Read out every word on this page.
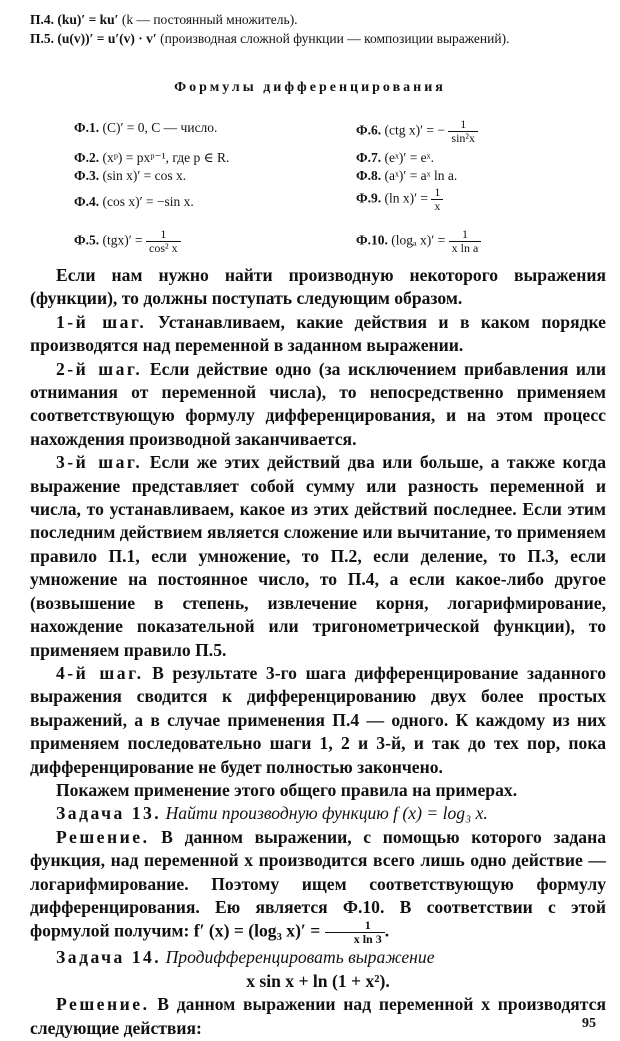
П.4. (ku)′ = ku′ (k — постоянный множитель).
П.5. (u(v))′ = u′(v) · v′ (производная сложной функции — композиции выражений).
Формулы дифференцирования
Ф.1. (C)′ = 0, C — число.
Ф.2. (xᵖ) = pxᵖ⁻¹, где p ∈ R.
Ф.3. (sin x)′ = cos x.
Ф.4. (cos x)′ = −sin x.
Ф.5. $(tgx)' = \frac{1}{\text{cos² x}}$
Ф.6. (ctg x)′ = − $\frac{1}{\text{sin²x}}$
Ф.7. (eˣ)′ = eˣ.
Ф.8. (aˣ)′ = aˣ ln a.
Ф.9. (ln $x)' = \frac{1}{x}$
Ф.10. (logₐ $x)' = \frac{1}{\text{x ln a}}$

Если нам нужно найти производную некоторого выражения (функции), то должны поступать следующим образом.

1-й шаг. Устанавливаем, какие действия и в каком порядке производятся над переменной в заданном выражении.

2-й шаг. Если действие одно (за исключением прибавления или отнимания от переменной числа), то непосредственно применяем соответствующую формулу дифференцирования, и на этом процесс нахождения производной заканчивается.

3-й шаг. Если же этих действий два или больше, а также когда выражение представляет собой сумму или разность переменной и числа, то устанавливаем, какое из этих действий последнее. Если этим последним действием является сложение или вычитание, то применяем правило П.1, если умножение, то П.2, если деление, то П.3, если умножение на постоянное число, то П.4, а если какое-либо другое (возвышение в степень, извлечение корня, логарифмирование, нахождение показательной или тригонометрической функции), то применяем правило П.5.

4-й шаг. В результате 3-го шага дифференцирование заданного выражения сводится к дифференцированию двух более простых выражений, а в случае применения П.4 — одного. К каждому из них применяем последовательно шаги 1, 2 и 3-й, и так до тех пор, пока дифференцирование не будет полностью закончено.

Покажем применение этого общего правила на примерах.

Задача 13. Найти производную функцию f (x) = log₃ x.

Решение. В данном выражении, с помощью которого задана функция, над переменной x производится всего лишь одно действие — логарифмирование. Поэтому ищем соответствующую формулу дифференцирования. Ею является Ф.10. В соответствии с этой формулой получим: f′ (x) = (log₃ $x)' = \frac{1}{\text{x ln 3}}$ .

Задача 14. Продифференцировать выражение

x sin x + ln (1 + x²).

Решение. В данном выражении над переменной x производятся следующие действия:	95
